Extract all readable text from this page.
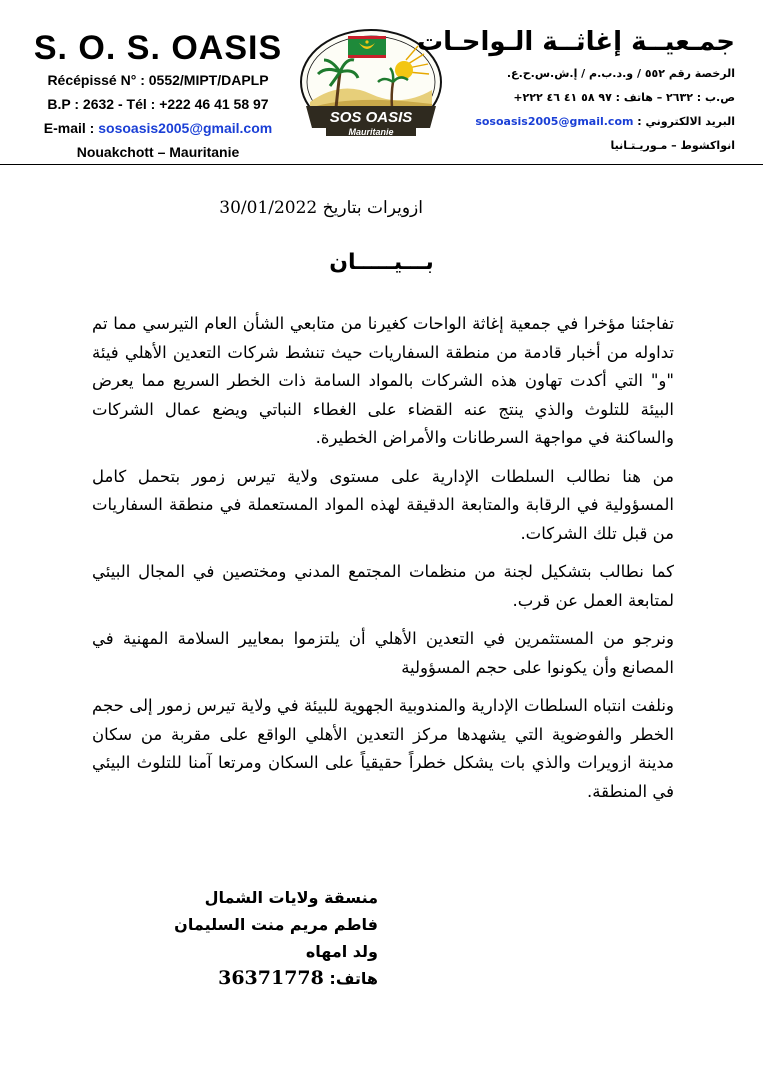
S. O. S. OASIS
Récépissé N° : 0552/MIPT/DAPLP
B.P : 2632 - Tél : +222 46 41 58 97
E-mail : sosoasis2005@gmail.com
Nouakchott – Mauritanie
SOS OASIS
Mauritanie
جمـعيــة إغاثــة الـواحـات
الرخصة رقم ٥٥٢ / و.د.ب.م / إ.ش.س.ح.ع.
ص.ب : ٢٦٣٢ – هاتف : ٩٧ ٥٨ ٤١ ٤٦ ٢٢٢+
البريد الالكتروني : sosoasis2005@gmail.com
انواكشوط – مـوريـتـانيا
ازويرات بتاريخ 30/01/2022
بـــيـــــان

تفاجئنا مؤخرا في جمعية إغاثة الواحات كغيرنا من متابعي الشأن العام التيرسي مما تم تداوله من أخبار قادمة من منطقة السفاريات حيث تنشط شركات التعدين الأهلي فيئة "و" التي أكدت تهاون هذه الشركات بالمواد السامة ذات الخطر السريع مما يعرض البيئة للتلوث والذي ينتج عنه القضاء على الغطاء النباتي ويضع عمال الشركات والساكنة في مواجهة السرطانات والأمراض الخطيرة.

من هنا نطالب السلطات الإدارية على مستوى ولاية تيرس زمور بتحمل كامل المسؤولية في الرقابة والمتابعة الدقيقة لهذه المواد المستعملة في منطقة السفاريات من قبل تلك الشركات.

كما نطالب بتشكيل لجنة من منظمات المجتمع المدني ومختصين في المجال البيئي لمتابعة العمل عن قرب.

ونرجو من المستثمرين في التعدين الأهلي أن يلتزموا بمعايير السلامة المهنية في المصانع وأن يكونوا على حجم المسؤولية

ونلفت انتباه السلطات الإدارية والمندوبية الجهوية للبيئة في ولاية تيرس زمور إلى حجم الخطر والفوضوية التي يشهدها مركز التعدين الأهلي الواقع على مقربة من سكان مدينة ازويرات والذي بات يشكل خطراً حقيقياً على السكان ومرتعا آمنا للتلوث البيئي في المنطقة.

منسقة ولايات الشمال
فاطم مريم منت السليمان ولد امهاه
هاتف: 36371778
